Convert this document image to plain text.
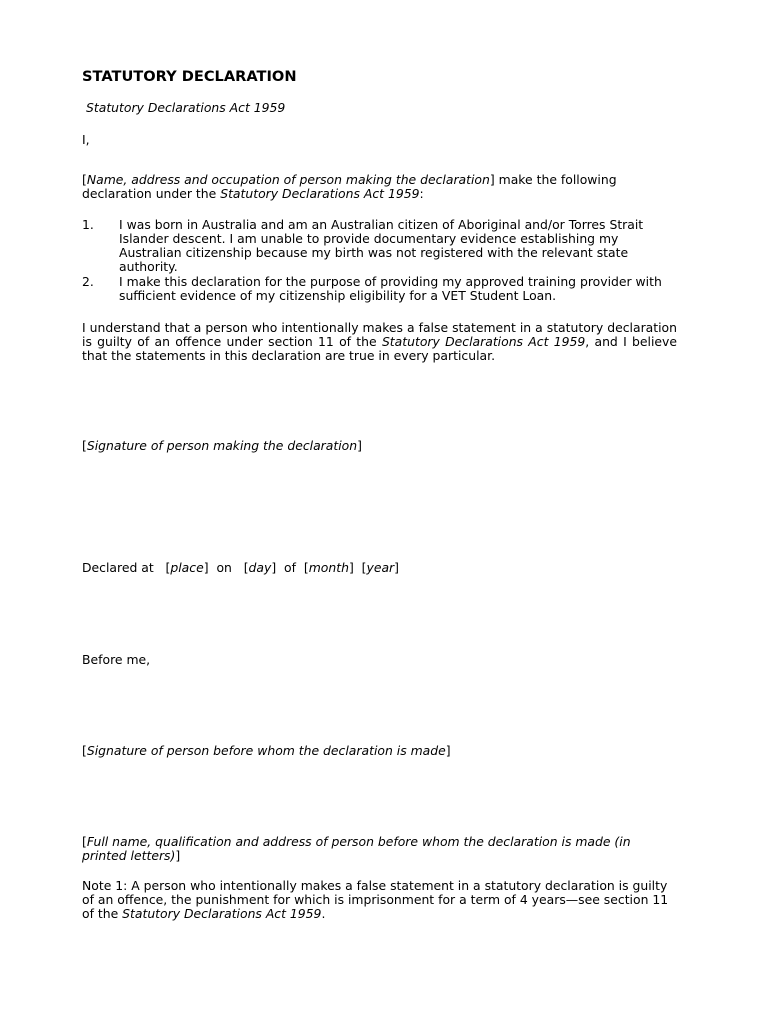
STATUTORY DECLARATION

Statutory Declarations Act 1959

I,

[Name, address and occupation of person making the declaration] make the following declaration under the Statutory Declarations Act 1959:

1. I was born in Australia and am an Australian citizen of Aboriginal and/or Torres Strait Islander descent. I am unable to provide documentary evidence establishing my Australian citizenship because my birth was not registered with the relevant state authority.
2. I make this declaration for the purpose of providing my approved training provider with sufficient evidence of my citizenship eligibility for a VET Student Loan.

I understand that a person who intentionally makes a false statement in a statutory declaration is guilty of an offence under section 11 of the Statutory Declarations Act 1959, and I believe that the statements in this declaration are true in every particular.

[Signature of person making the declaration]

Declared at   [place]  on   [day]  of  [month]  [year]

Before me,

[Signature of person before whom the declaration is made]

[Full name, qualification and address of person before whom the declaration is made (in printed letters)]

Note 1: A person who intentionally makes a false statement in a statutory declaration is guilty of an offence, the punishment for which is imprisonment for a term of 4 years—see section 11 of the Statutory Declarations Act 1959.
